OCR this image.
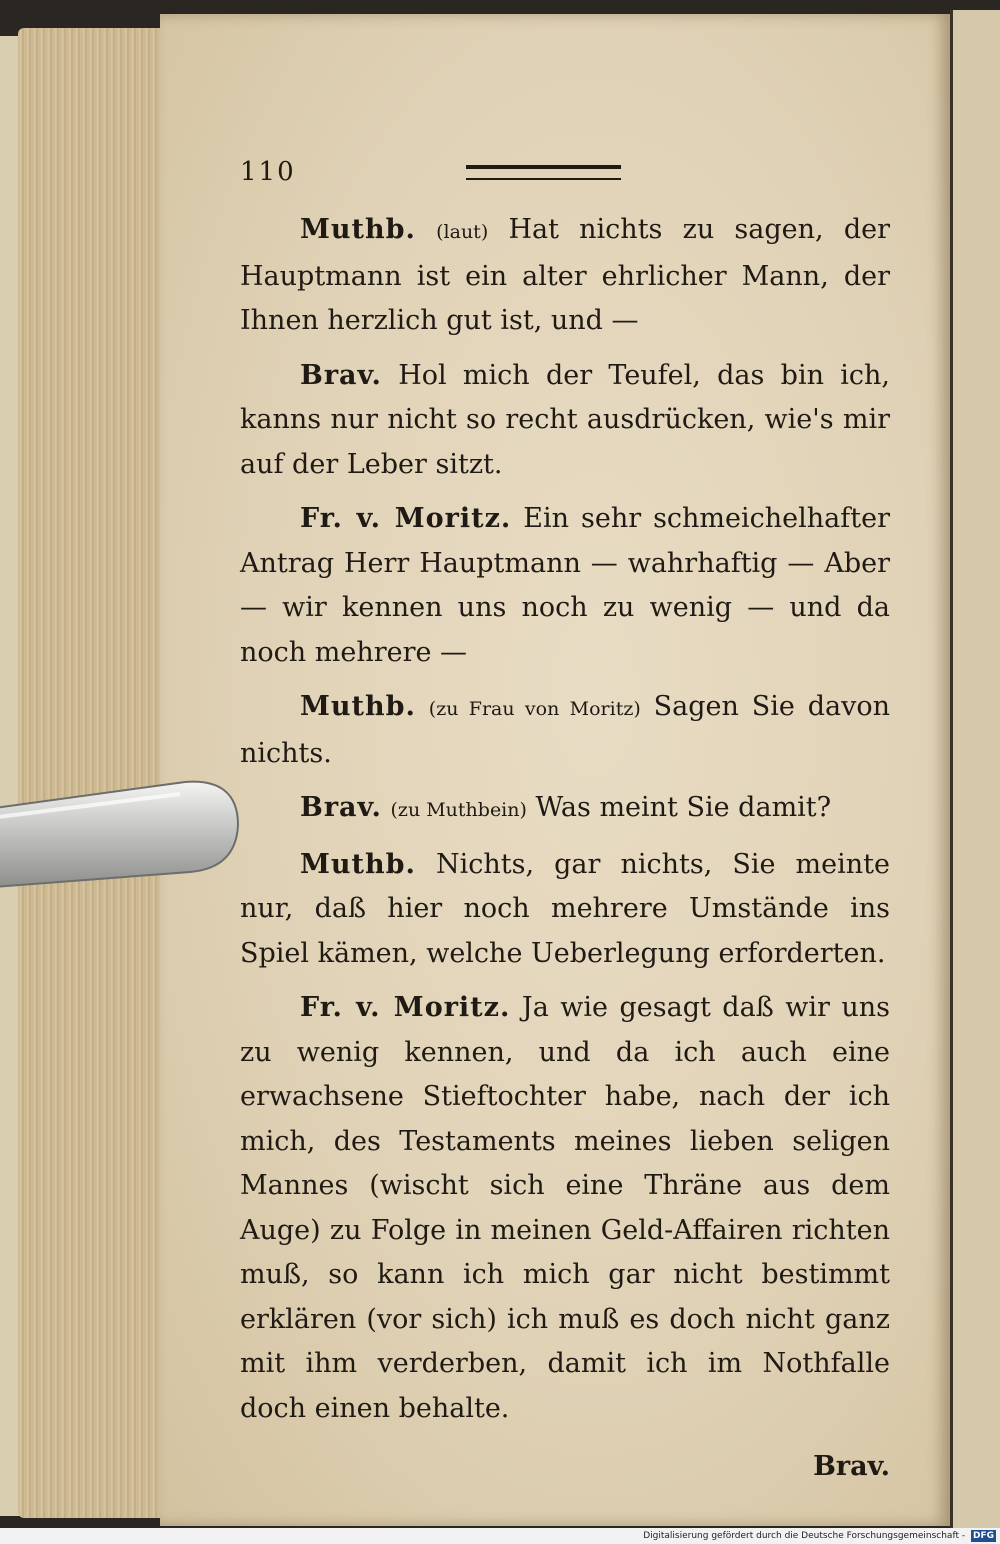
110

Muthb. (laut) Hat nichts zu sagen, der Hauptmann ist ein alter ehrlicher Mann, der Ihnen herzlich gut ist, und —

Brav. Hol mich der Teufel, das bin ich, kanns nur nicht so recht ausdrücken, wie's mir auf der Leber sitzt.

Fr. v. Moritz. Ein sehr schmeichelhafter Antrag Herr Hauptmann — wahrhaftig — Aber — wir kennen uns noch zu wenig — und da noch mehrere —

Muthb. (zu Frau von Moritz) Sagen Sie davon nichts.

Brav. (zu Muthbein) Was meint Sie damit?

Muthb. Nichts, gar nichts, Sie meinte nur, daß hier noch mehrere Umstände ins Spiel kämen, welche Ueberlegung erforderten.

Fr. v. Moritz. Ja wie gesagt daß wir uns zu wenig kennen, und da ich auch eine erwachsene Stieftochter habe, nach der ich mich, des Testaments meines lieben seligen Mannes (wischt sich eine Thräne aus dem Auge) zu Folge in meinen Geld-Affairen richten muß, so kann ich mich gar nicht bestimmt erklären (vor sich) ich muß es doch nicht ganz mit ihm verderben, damit ich im Nothfalle doch einen behalte.

Brav.
Digitalisierung gefördert durch die Deutsche Forschungsgemeinschaft - DFG
